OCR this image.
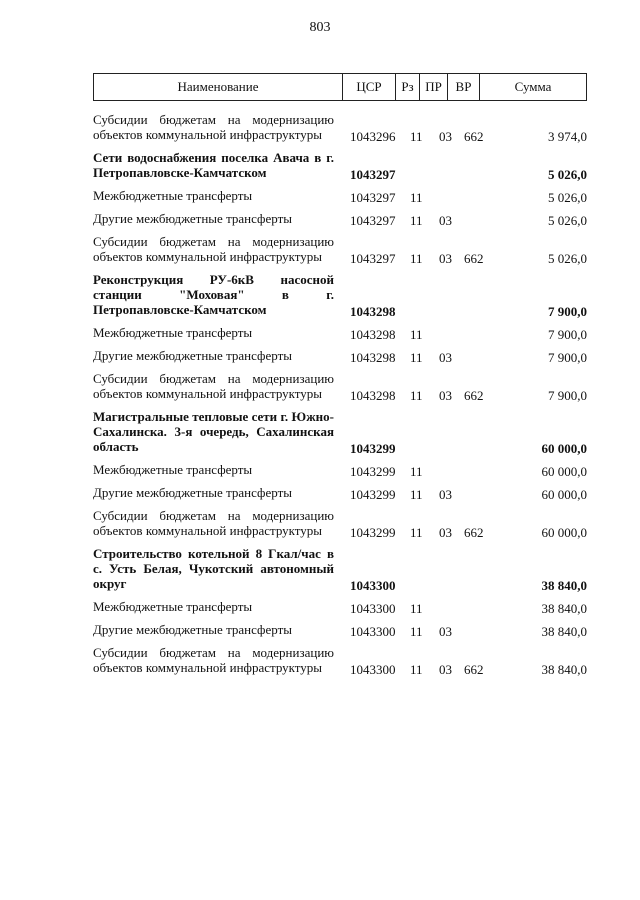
803
Наименование	ЦСР	Рз ПР	ВР	Сумма
Субсидии бюджетам на модернизацию объектов коммунальной инфраструктуры	1043296 11 03 662	3 974,0
Сети водоснабжения поселка Авача в г. Петропавловске-Камчатском	1043297	5 026,0
Межбюджетные трансферты	1043297 11	5 026,0
Другие межбюджетные трансферты	1043297 11 03	5 026,0
Субсидии бюджетам на модернизацию объектов коммунальной инфраструктуры	1043297 11 03 662	5 026,0
Реконструкция РУ-6кВ насосной станции "Моховая" в г. Петропавловске-Камчатском	1043298	7 900,0
Межбюджетные трансферты	1043298 11	7 900,0
Другие межбюджетные трансферты	1043298 11 03	7 900,0
Субсидии бюджетам на модернизацию объектов коммунальной инфраструктуры	1043298 11 03 662	7 900,0
Магистральные тепловые сети г. Южно-Сахалинска. 3-я очередь, Сахалинская область	1043299	60 000,0
Межбюджетные трансферты	1043299 11	60 000,0
Другие межбюджетные трансферты	1043299 11 03	60 000,0
Субсидии бюджетам на модернизацию объектов коммунальной инфраструктуры	1043299 11 03 662	60 000,0
Строительство котельной 8 Гкал/час в с. Усть Белая, Чукотский автономный округ	1043300	38 840,0
Межбюджетные трансферты	1043300 11	38 840,0
Другие межбюджетные трансферты	1043300 11 03	38 840,0
Субсидии бюджетам на модернизацию объектов коммунальной инфраструктуры	1043300 11 03 662	38 840,0
